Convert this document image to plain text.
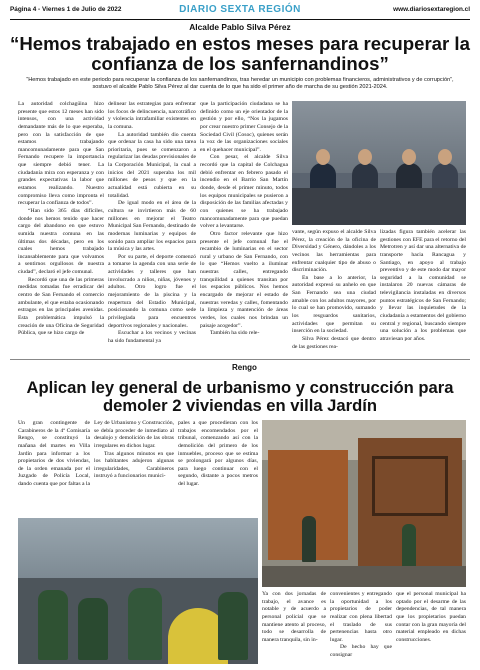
Página 4 - Viernes 1 de Julio de 2022	DIARIO SEXTA REGIÓN	www.diariosextaregion.cl
Alcalde Pablo Silva Pérez
“Hemos trabajado en estos meses para recuperar la confianza de los sanfernandinos”

“Hemos trabajado en este periodo para recuperar la confianza de los sanfernandinos, tras heredar un municipio con problemas financieros, administrativos y de corrupción”, sostuvo el alcalde Pablo Silva Pérez al dar cuenta de lo que ha sido el primer año de marcha de su gestión 2021-2024.

La autoridad colchagüina hizo presente que estos 12 meses han sido intensos, con una actividad demandante más de lo que esperaba, pero con la satisfacción de que estamos trabajando mancomunadamente para que San Fernando recupere la importancia que siempre debió tener. La ciudadanía mira con esperanza y con grandes expectativas la labor que estamos realizando. Nuestro compromiso lleva como impronta el recuperar la confianza de todos”.

“Han sido 365 días difíciles, donde nos hemos tenido que hacer cargo del abandono en que estuvo sumida nuestra comuna en las últimas dos décadas, pero en los cuales hemos trabajado incansablemente para que volvamos a sentirnos orgullosos de nuestra ciudad”, declaró el jefe comunal.

Recordó que una de las primeras medidas tomadas fue erradicar del centro de San Fernando el comercio ambulante, el que estaba ocasionando estragos en las principales avenidas. Esta problemática impulsó la creación de una Oficina de Seguridad Pública, que se hizo cargo de

delinear las estrategias para enfrentar los focos de delincuencia, narcotráfico y violencia intrafamiliar existentes en la comuna.

La autoridad también dio cuenta que ordenar la casa ha sido una tarea prioritaria, pues se comenzaron a regularizar las deudas previsionales de la Corporación Municipal, la cual a inicios del 2021 superaba los mil millones de pesos y que en la actualidad está cubierta en su totalidad.

De igual modo en el área de la cultura se invirtieron más de 60 millones en mejorar el Teatro Municipal San Fernando, destinado de modernas luminarias y equipos de sonido para ampliar los espacios para la música y las artes.

Por su parte, el deporte comenzó a tomarse la agenda con una serie de actividades y talleres que han involucrado a niños, niñas, jóvenes y adultos. Otro logro fue el mejoramiento de la piscina y la reapertura del Estadio Municipal, posicionando la comuna como sede privilegiada para encuentros deportivos regionales y nacionales.

Escuchar a los vecinos y vecinas ha sido fundamental ya

que la participación ciudadana se ha definido como un eje orientador de la gestión y por ello, “Nos la jugamos por crear nuestro primer Consejo de la Sociedad Civil (Cosoc), quienes serán la voz de las organizaciones sociales en el quehacer municipal”.

Con pesar, el alcalde Silva recordó que la capital de Colchagua debió enfrentar en febrero pasado el incendio en el Barrio San Martín donde, desde el primer minuto, todos los equipos municipales se pusieron a disposición de las familias afectadas y con quienes se ha trabajado mancomunadamente para que puedan volver a levantarse.

Otro factor relevante que hizo presente el jefe comunal fue el recambio de luminarias en el sector rural y urbano de San Fernando, con lo que “Hemos vuelto a iluminar nuestras calles, entregando tranquilidad a quienes transitan por los espacios públicos. Nos hemos encargado de mejorar el estado de nuestras veredas y calles, fomentando la limpieza y mantención de áreas verdes, los cuales nos brindan un paisaje acogedor”.

También ha sido rele-

vante, según expuso el alcalde Silva Pérez, la creación de la oficina de Diversidad y Género, dándoles a los vecinos las herramientas para enfrentar cualquier tipo de abuso o discriminación.

En base a lo anterior, la autoridad expresó su anhelo en que San Fernando sea una ciudad amable con los adultos mayores, por lo cual se han promovido, sumando los resguardos sanitarios, actividades que permitan su inserción en la sociedad.

Silva Pérez destacó que dentro de las gestiones rea-

lizadas figura también acelerar las gestiones con EFE para el retorno del Metrotren y así dar una alternativa de transporte hacia Rancagua y Santiago, en apoyo al trabajo preventivo y de este modo dar mayor seguridad a la comunidad se instalaron 20 nuevas cámaras de televigilancia instaladas en diversos puntos estratégicos de San Fernando; y llevar las inquietudes de la ciudadanía a estamentos del gobierno central y regional, buscando siempre una solución a los problemas que atraviesan por años.

Rengo
Aplican ley general de urbanismo y construcción para demoler 2 viviendas en villa Jardín

Un gran contingente de Carabineros de la 4ª Comisaría Rengo, se constituyó la mañana del martes en Villa Jardín para informar a los propietarios de dos viviendas, de la orden emanada por el Juzgado de Policía Local, dando cuenta que por faltas a la

Ley de Urbanismo y Construcción, se debía proceder de inmediato al desalojo y demolición de las obras irregulares en dichos lugar.

Tras algunos minutos en que los habitantes adujeron algunas irregularidades, Carabineros instruyó a funcionarios munici-

pales a que procedieran con los trabajos encomendados por el tribunal, comenzando así con la demolición del primero de los inmuebles, proceso que se estima se prolongará por algunos días, para luego continuar con el segundo, distante a pocos metros del lugar.

Ya con dos jornadas de trabajo, el avance es notable y de acuerdo a personal policial que se mantiene atento al proceso, todo se desarrolla de manera tranquila, sin in-

convenientes y entregando la oportunidad a los propietarios de poder realizar con plena libertad el traslado de sus pertenencias hasta otro lugar.

De hecho hay que consignar

que el personal municipal ha optado por el desarme de las dependencias, de tal manera que los propietarios puedan contar con la gran mayoría del material empleado en dichas construcciones.
